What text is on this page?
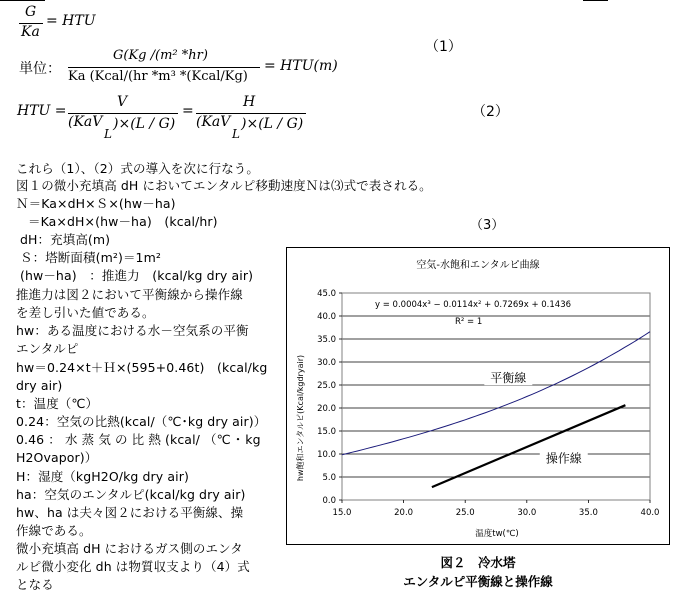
G
Ka
= HTU
（1）
単位：
G(Kg /(m² *hr)
Ka (Kcal/(hr *m³ *(Kcal/Kg)
= HTU(m)
HTU =
V
(KaV
L
)×(L / G)
=
H
(KaV
L
)×(L / G)
（2）
これら（1）、（2）式の導入を次に行なう。
図１の微小充填高 dH においてエンタルピ移動速度Ｎは⑶式で表される。
Ｎ＝Ka×dH×Ｓ×(hw－ha)
＝Ka×dH×(hw－ha)　(kcal/hr)	（3）
dH：充填高(m)
Ｓ：塔断面積(m²)＝1m²
(hw－ha)　：推進力　(kcal/kg dry air)
推進力は図２において平衡線から操作線
を差し引いた値である。
hw：ある温度における水－空気系の平衡
エンタルピ
hw＝0.24×t＋Ｈ×(595+0.46t)　(kcal/kg
dry air)
t：温度（℃）
0.24：空気の比熱(kcal/（℃･kg dry air)）
0.46 ： 水 蒸 気 の 比 熱 (kcal/ （℃ ･ kg
H2Ovapor)）
H：湿度（kgH2O/kg dry air)
ha：空気のエンタルピ(kcal/kg dry air)
hw、ha は夫々図２における平衡線、操
作線である。
微小充填高 dH におけるガス側のエンタ
ルピ微小変化 dh は物質収支より（4）式
となる
空気-水飽和エンタルピ曲線
0.0
5.0
10.0
15.0
20.0
25.0
30.0
35.0
40.0
45.0
15.0	20.0	25.0	30.0	35.0	40.0
平衡線
操作線
y = 0.0004x³ − 0.0114x² + 0.7269x + 0.1436
R² = 1
温度tw(℃)
hw飽和エンタルピ(Kcal/kgdryair)
図２　冷水塔
エンタルピ平衡線と操作線
